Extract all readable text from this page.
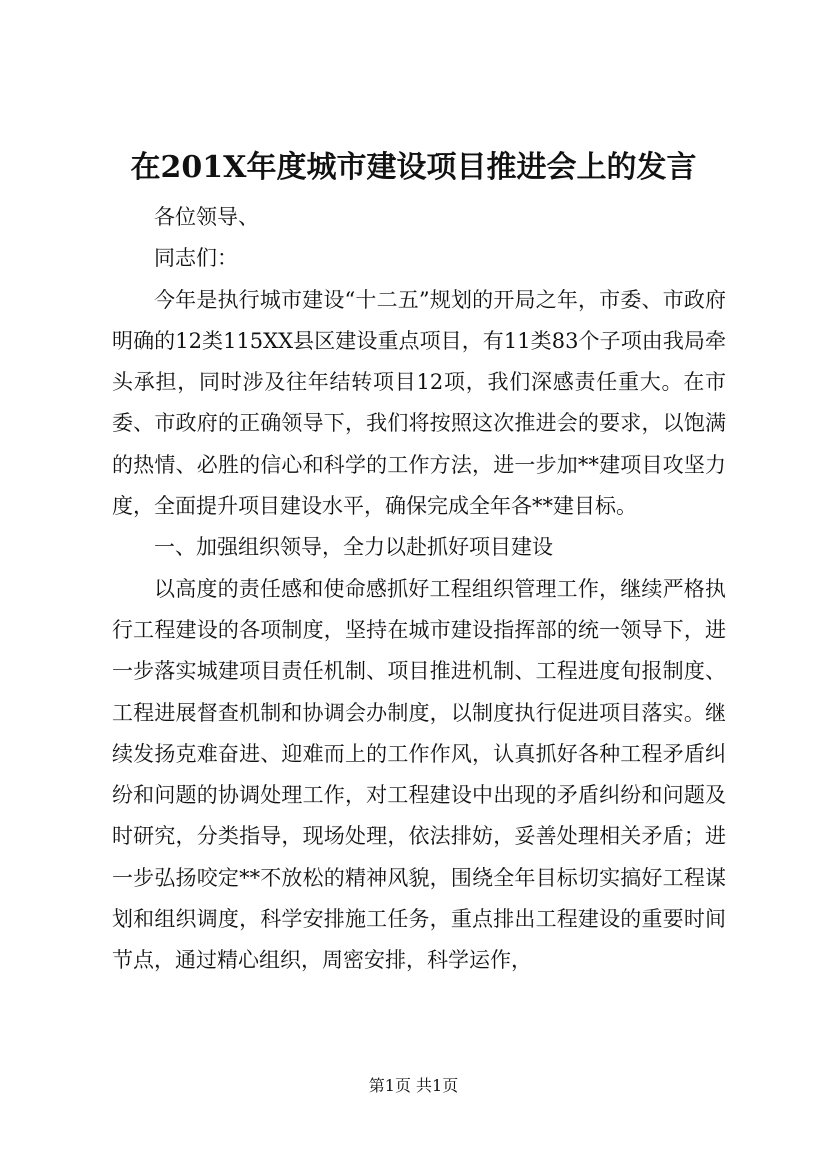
在201X年度城市建设项目推进会上的发言

各位领导、

同志们：

今年是执行城市建设“十二五”规划的开局之年，市委、市政府明确的12类115XX县区建设重点项目，有11类83个子项由我局牵头承担，同时涉及往年结转项目12项，我们深感责任重大。在市委、市政府的正确领导下，我们将按照这次推进会的要求，以饱满的热情、必胜的信心和科学的工作方法，进一步加**建项目攻坚力度，全面提升项目建设水平，确保完成全年各**建目标。

一、加强组织领导，全力以赴抓好项目建设

以高度的责任感和使命感抓好工程组织管理工作，继续严格执行工程建设的各项制度，坚持在城市建设指挥部的统一领导下，进一步落实城建项目责任机制、项目推进机制、工程进度旬报制度、工程进展督查机制和协调会办制度，以制度执行促进项目落实。继续发扬克难奋进、迎难而上的工作作风，认真抓好各种工程矛盾纠纷和问题的协调处理工作，对工程建设中出现的矛盾纠纷和问题及时研究，分类指导，现场处理，依法排妨，妥善处理相关矛盾；进一步弘扬咬定**不放松的精神风貌，围绕全年目标切实搞好工程谋划和组织调度，科学安排施工任务，重点排出工程建设的重要时间节点，通过精心组织，周密安排，科学运作，

第1页 共1页
